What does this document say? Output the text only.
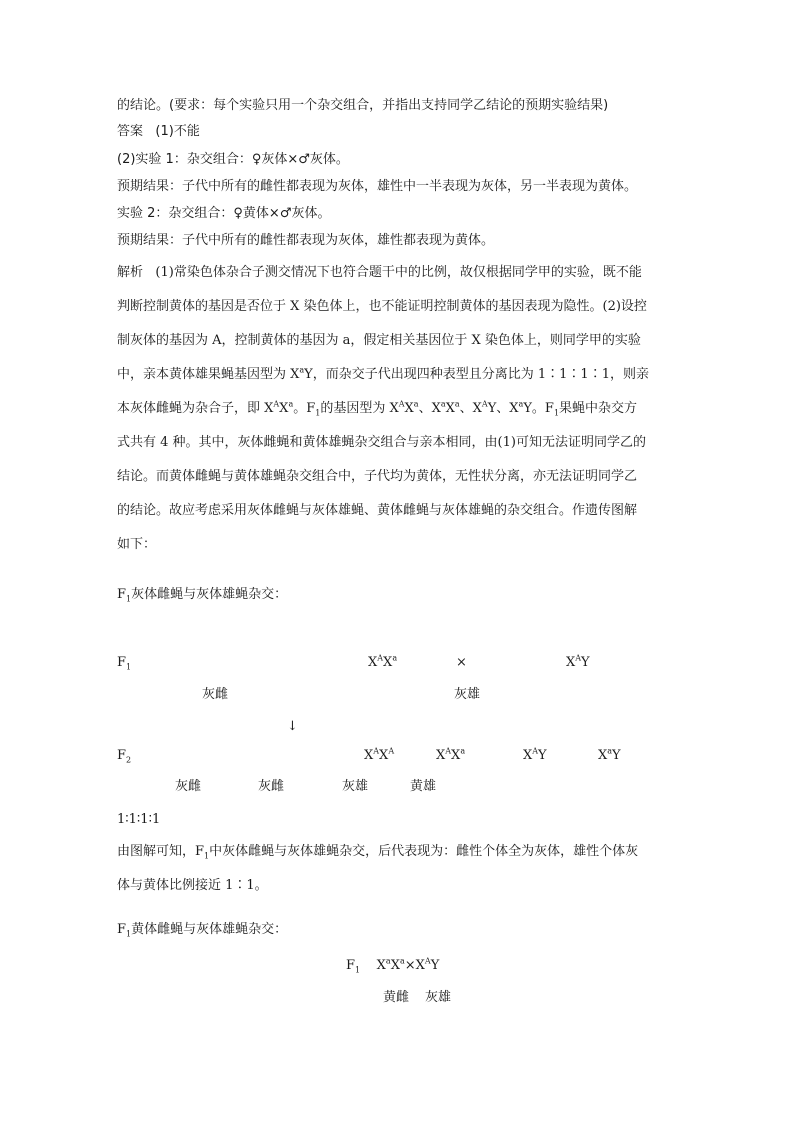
的结论。(要求：每个实验只用一个杂交组合，并指出支持同学乙结论的预期实验结果)
答案 (1)不能
(2)实验 1：杂交组合：♀灰体×♂灰体。
预期结果：子代中所有的雌性都表现为灰体，雄性中一半表现为灰体，另一半表现为黄体。
实验 2：杂交组合：♀黄体×♂灰体。
预期结果：子代中所有的雌性都表现为灰体，雄性都表现为黄体。
解析 (1)常染色体杂合子测交情况下也符合题干中的比例，故仅根据同学甲的实验，既不能
判断控制黄体的基因是否位于 X 染色体上，也不能证明控制黄体的基因表现为隐性。(2)设控
制灰体的基因为 A，控制黄体的基因为 a，假定相关基因位于 X 染色体上，则同学甲的实验
中，亲本黄体雄果蝇基因型为 $X^aY$，而杂交子代出现四种表型且分离比为 1∶1∶1∶1，则亲
本灰体雌蝇为杂合子，即 $X^AX^a$。$F_1$的基因型为 $X^AX^a$、$X^aX^a$、$X^AY$、$X^aY$。$F_1$果蝇中杂交方
式共有 4 种。其中，灰体雌蝇和黄体雄蝇杂交组合与亲本相同，由(1)可知无法证明同学乙的
结论。而黄体雌蝇与黄体雄蝇杂交组合中，子代均为黄体，无性状分离，亦无法证明同学乙
的结论。故应考虑采用灰体雌蝇与灰体雄蝇、黄体雌蝇与灰体雄蝇的杂交组合。作遗传图解
如下：
$F_1$灰体雌蝇与灰体雄蝇杂交：
$F_1$	$X^AX^a$	×	$X^AY$
灰雌	灰雄
↓
$F_2$	$X^AX^A$	$X^AX^a$	$X^AY$	$X^aY$
灰雌	灰雌	灰雄	黄雄
1∶1∶1∶1
由图解可知，$F_1$中灰体雌蝇与灰体雄蝇杂交，后代表现为：雌性个体全为灰体，雄性个体灰
体与黄体比例接近 1∶1。
$F_1$黄体雌蝇与灰体雄蝇杂交：
$F_1$ $X^aX^a\times X^AY$
黄雌 灰雄
